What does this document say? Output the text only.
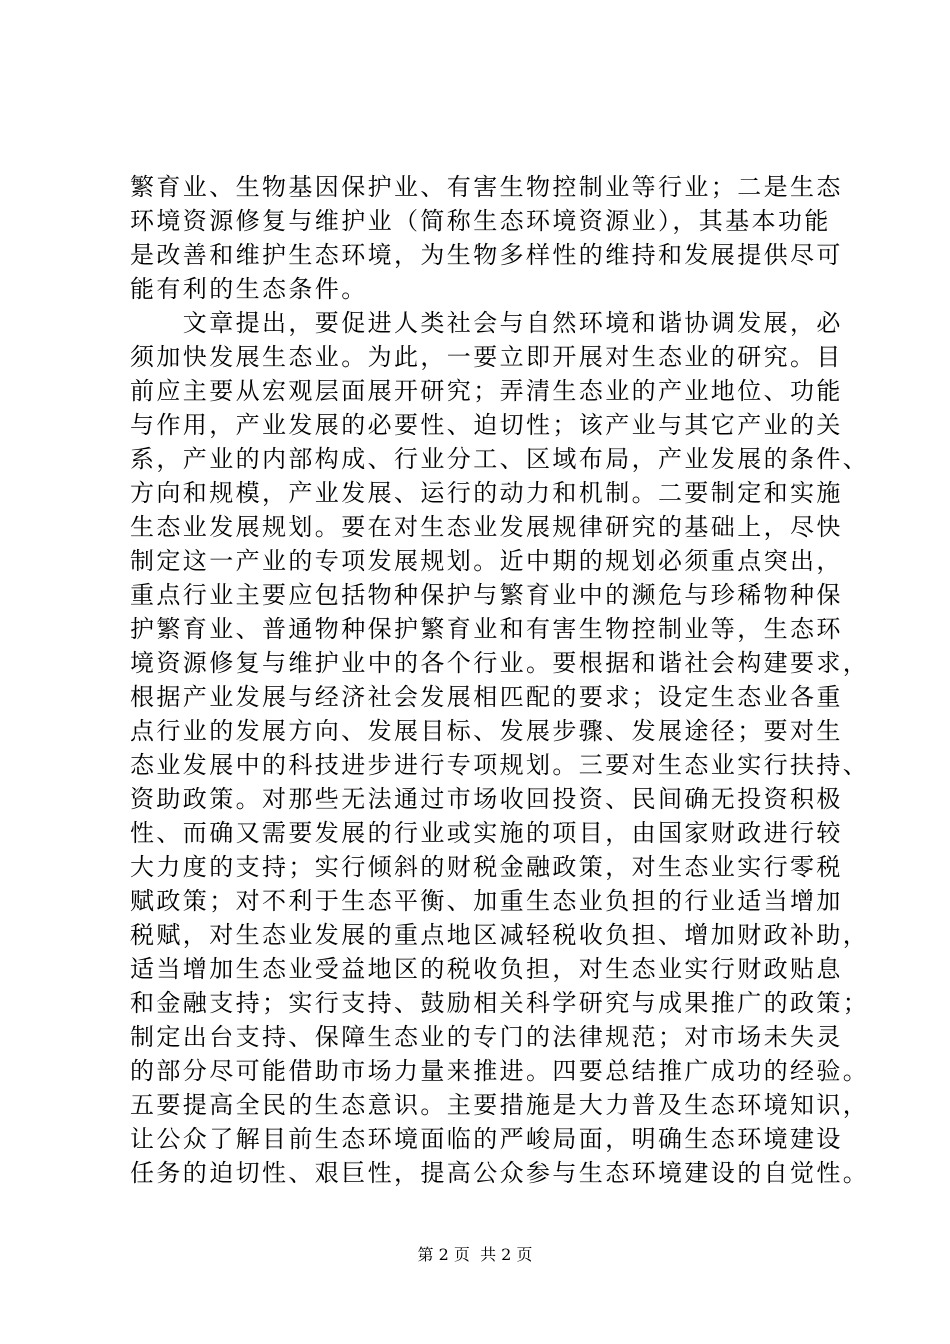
繁育业、生物基因保护业、有害生物控制业等行业；二是生态
环境资源修复与维护业（简称生态环境资源业），其基本功能
是改善和维护生态环境，为生物多样性的维持和发展提供尽可
能有利的生态条件。
　　文章提出，要促进人类社会与自然环境和谐协调发展，必
须加快发展生态业。为此，一要立即开展对生态业的研究。目
前应主要从宏观层面展开研究；弄清生态业的产业地位、功能
与作用，产业发展的必要性、迫切性；该产业与其它产业的关
系，产业的内部构成、行业分工、区域布局，产业发展的条件、
方向和规模，产业发展、运行的动力和机制。二要制定和实施
生态业发展规划。要在对生态业发展规律研究的基础上，尽快
制定这一产业的专项发展规划。近中期的规划必须重点突出，
重点行业主要应包括物种保护与繁育业中的濒危与珍稀物种保
护繁育业、普通物种保护繁育业和有害生物控制业等，生态环
境资源修复与维护业中的各个行业。要根据和谐社会构建要求，
根据产业发展与经济社会发展相匹配的要求；设定生态业各重
点行业的发展方向、发展目标、发展步骤、发展途径；要对生
态业发展中的科技进步进行专项规划。三要对生态业实行扶持、
资助政策。对那些无法通过市场收回投资、民间确无投资积极
性、而确又需要发展的行业或实施的项目，由国家财政进行较
大力度的支持；实行倾斜的财税金融政策，对生态业实行零税
赋政策；对不利于生态平衡、加重生态业负担的行业适当增加
税赋，对生态业发展的重点地区减轻税收负担、增加财政补助，
适当增加生态业受益地区的税收负担，对生态业实行财政贴息
和金融支持；实行支持、鼓励相关科学研究与成果推广的政策；
制定出台支持、保障生态业的专门的法律规范；对市场未失灵
的部分尽可能借助市场力量来推进。四要总结推广成功的经验。
五要提高全民的生态意识。主要措施是大力普及生态环境知识，
让公众了解目前生态环境面临的严峻局面，明确生态环境建设
任务的迫切性、艰巨性，提高公众参与生态环境建设的自觉性。
第 2 页  共 2 页
